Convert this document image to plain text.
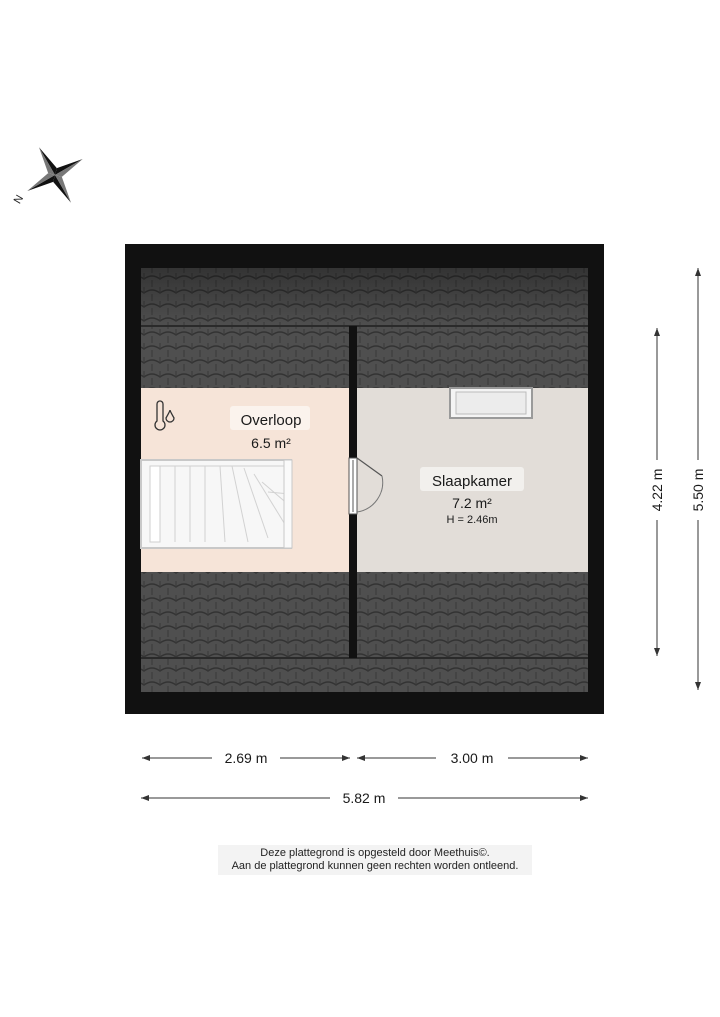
N
Overloop
6.5 m²
Slaapkamer
7.2 m²
H = 2.46m
2.69 m	3.00 m
5.82 m
4.22 m 5.50 m
Deze plattegrond is opgesteld door Meethuis©.
Aan de plattegrond kunnen geen rechten worden ontleend.
